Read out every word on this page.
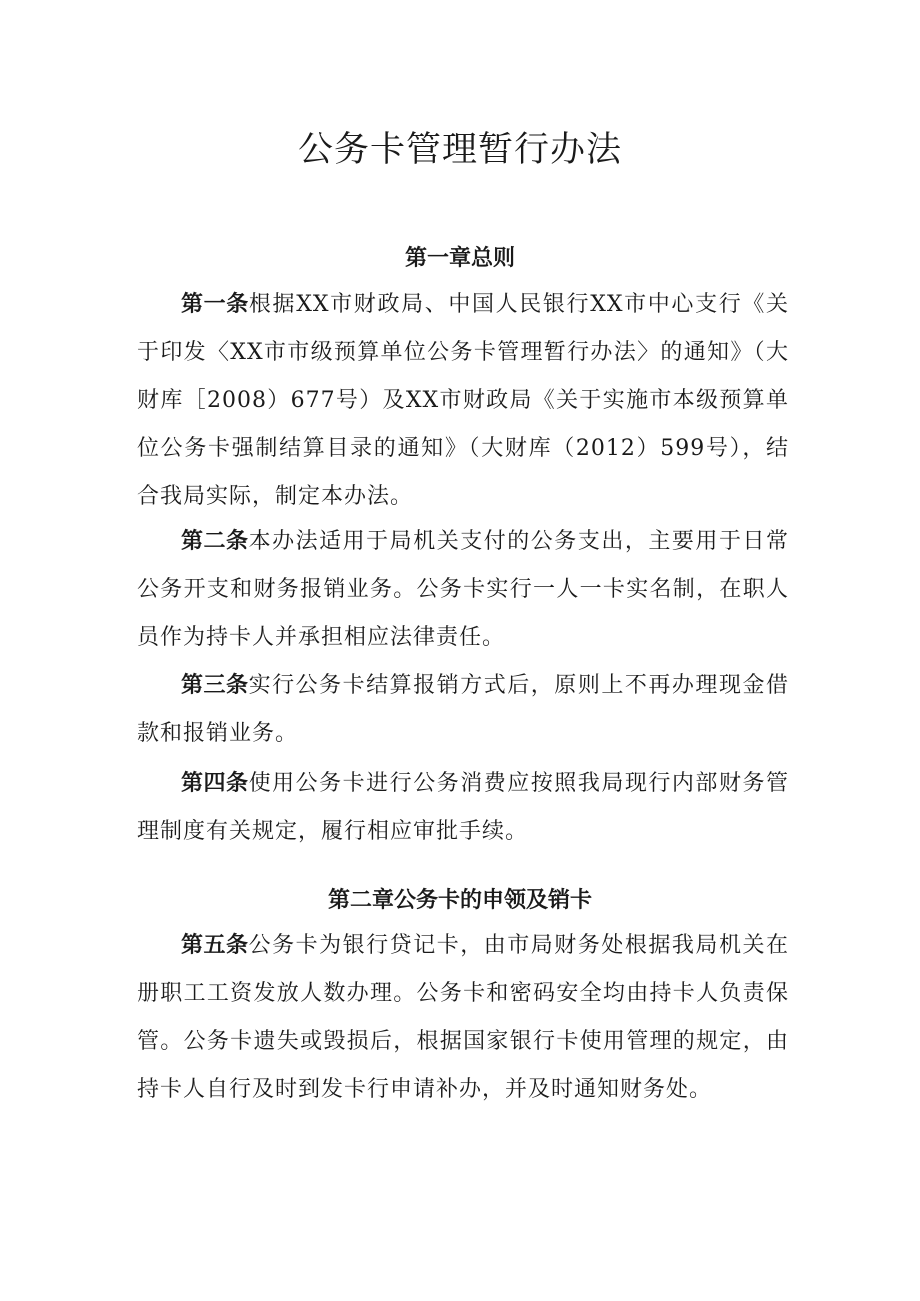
公务卡管理暂行办法
第一章总则

第一条根据XX市财政局、中国人民银行XX市中心支行《关于印发〈XX市市级预算单位公务卡管理暂行办法〉的通知》（大财库［2008）677号）及XX市财政局《关于实施市本级预算单位公务卡强制结算目录的通知》（大财库（2012）599号），结合我局实际，制定本办法。

第二条本办法适用于局机关支付的公务支出，主要用于日常公务开支和财务报销业务。公务卡实行一人一卡实名制，在职人员作为持卡人并承担相应法律责任。

第三条实行公务卡结算报销方式后，原则上不再办理现金借款和报销业务。

第四条使用公务卡进行公务消费应按照我局现行内部财务管理制度有关规定，履行相应审批手续。

第二章公务卡的申领及销卡

第五条公务卡为银行贷记卡，由市局财务处根据我局机关在册职工工资发放人数办理。公务卡和密码安全均由持卡人负责保管。公务卡遗失或毁损后，根据国家银行卡使用管理的规定，由持卡人自行及时到发卡行申请补办，并及时通知财务处。
